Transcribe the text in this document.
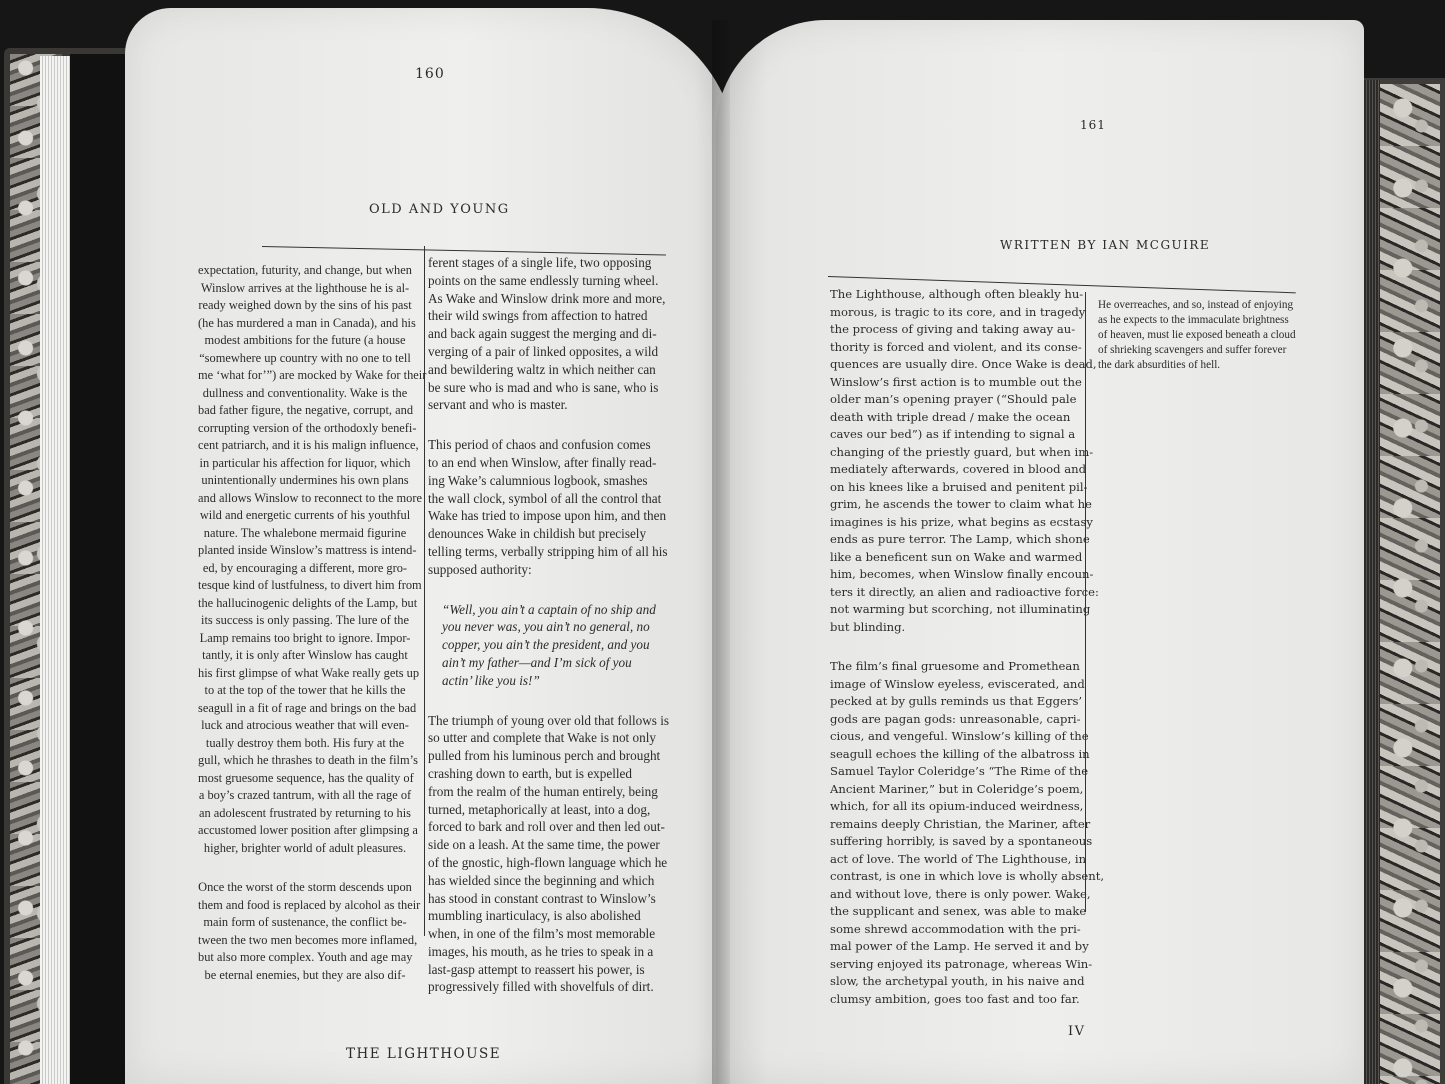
160
OLD AND YOUNG

expectation, futurity, and change, but when
Winslow arrives at the lighthouse he is al-
ready weighed down by the sins of his past
(he has murdered a man in Canada), and his
modest ambitions for the future (a house
“somewhere up country with no one to tell
me ‘what for’”) are mocked by Wake for their
dullness and conventionality. Wake is the
bad father figure, the negative, corrupt, and
corrupting version of the orthodoxly benefi-
cent patriarch, and it is his malign influence,
in particular his affection for liquor, which
unintentionally undermines his own plans
and allows Winslow to reconnect to the more
wild and energetic currents of his youthful
nature. The whalebone mermaid figurine
planted inside Winslow’s mattress is intend-
ed, by encouraging a different, more gro-
tesque kind of lustfulness, to divert him from
the hallucinogenic delights of the Lamp, but
its success is only passing. The lure of the
Lamp remains too bright to ignore. Impor-
tantly, it is only after Winslow has caught
his first glimpse of what Wake really gets up
to at the top of the tower that he kills the
seagull in a fit of rage and brings on the bad
luck and atrocious weather that will even-
tually destroy them both. His fury at the
gull, which he thrashes to death in the film’s
most gruesome sequence, has the quality of
a boy’s crazed tantrum, with all the rage of
an adolescent frustrated by returning to his
accustomed lower position after glimpsing a
higher, brighter world of adult pleasures.

Once the worst of the storm descends upon
them and food is replaced by alcohol as their
main form of sustenance, the conflict be-
tween the two men becomes more inflamed,
but also more complex. Youth and age may
be eternal enemies, but they are also dif-

ferent stages of a single life, two opposing
points on the same endlessly turning wheel.
As Wake and Winslow drink more and more,
their wild swings from affection to hatred
and back again suggest the merging and di-
verging of a pair of linked opposites, a wild
and bewildering waltz in which neither can
be sure who is mad and who is sane, who is
servant and who is master.

This period of chaos and confusion comes
to an end when Winslow, after finally read-
ing Wake’s calumnious logbook, smashes
the wall clock, symbol of all the control that
Wake has tried to impose upon him, and then
denounces Wake in childish but precisely
telling terms, verbally stripping him of all his
supposed authority:

“Well, you ain’t a captain of no ship and
you never was, you ain’t no general, no
copper, you ain’t the president, and you
ain’t my father—and I’m sick of you
actin’ like you is!”

The triumph of young over old that follows is
so utter and complete that Wake is not only
pulled from his luminous perch and brought
crashing down to earth, but is expelled
from the realm of the human entirely, being
turned, metaphorically at least, into a dog,
forced to bark and roll over and then led out-
side on a leash. At the same time, the power
of the gnostic, high-flown language which he
has wielded since the beginning and which
has stood in constant contrast to Winslow’s
mumbling inarticulacy, is also abolished
when, in one of the film’s most memorable
images, his mouth, as he tries to speak in a
last-gasp attempt to reassert his power, is
progressively filled with shovelfuls of dirt.

THE LIGHTHOUSE
161
WRITTEN BY IAN MCGUIRE

The Lighthouse, although often bleakly hu-
morous, is tragic to its core, and in tragedy
the process of giving and taking away au-
thority is forced and violent, and its conse-
quences are usually dire. Once Wake is dead,
Winslow’s first action is to mumble out the
older man’s opening prayer (“Should pale
death with triple dread / make the ocean
caves our bed”) as if intending to signal a
changing of the priestly guard, but when im-
mediately afterwards, covered in blood and
on his knees like a bruised and penitent pil-
grim, he ascends the tower to claim what he
imagines is his prize, what begins as ecstasy
ends as pure terror. The Lamp, which shone
like a beneficent sun on Wake and warmed
him, becomes, when Winslow finally encoun-
ters it directly, an alien and radioactive force:
not warming but scorching, not illuminating
but blinding.

The film’s final gruesome and Promethean
image of Winslow eyeless, eviscerated, and
pecked at by gulls reminds us that Eggers’
gods are pagan gods: unreasonable, capri-
cious, and vengeful. Winslow’s killing of the
seagull echoes the killing of the albatross in
Samuel Taylor Coleridge’s “The Rime of the
Ancient Mariner,” but in Coleridge’s poem,
which, for all its opium-induced weirdness,
remains deeply Christian, the Mariner, after
suffering horribly, is saved by a spontaneous
act of love. The world of The Lighthouse, in
contrast, is one in which love is wholly absent,
and without love, there is only power. Wake,
the supplicant and senex, was able to make
some shrewd accommodation with the pri-
mal power of the Lamp. He served it and by
serving enjoyed its patronage, whereas Win-
slow, the archetypal youth, in his naive and
clumsy ambition, goes too fast and too far.

He overreaches, and so, instead of enjoying
as he expects to the immaculate brightness
of heaven, must lie exposed beneath a cloud
of shrieking scavengers and suffer forever
the dark absurdities of hell.

IV
